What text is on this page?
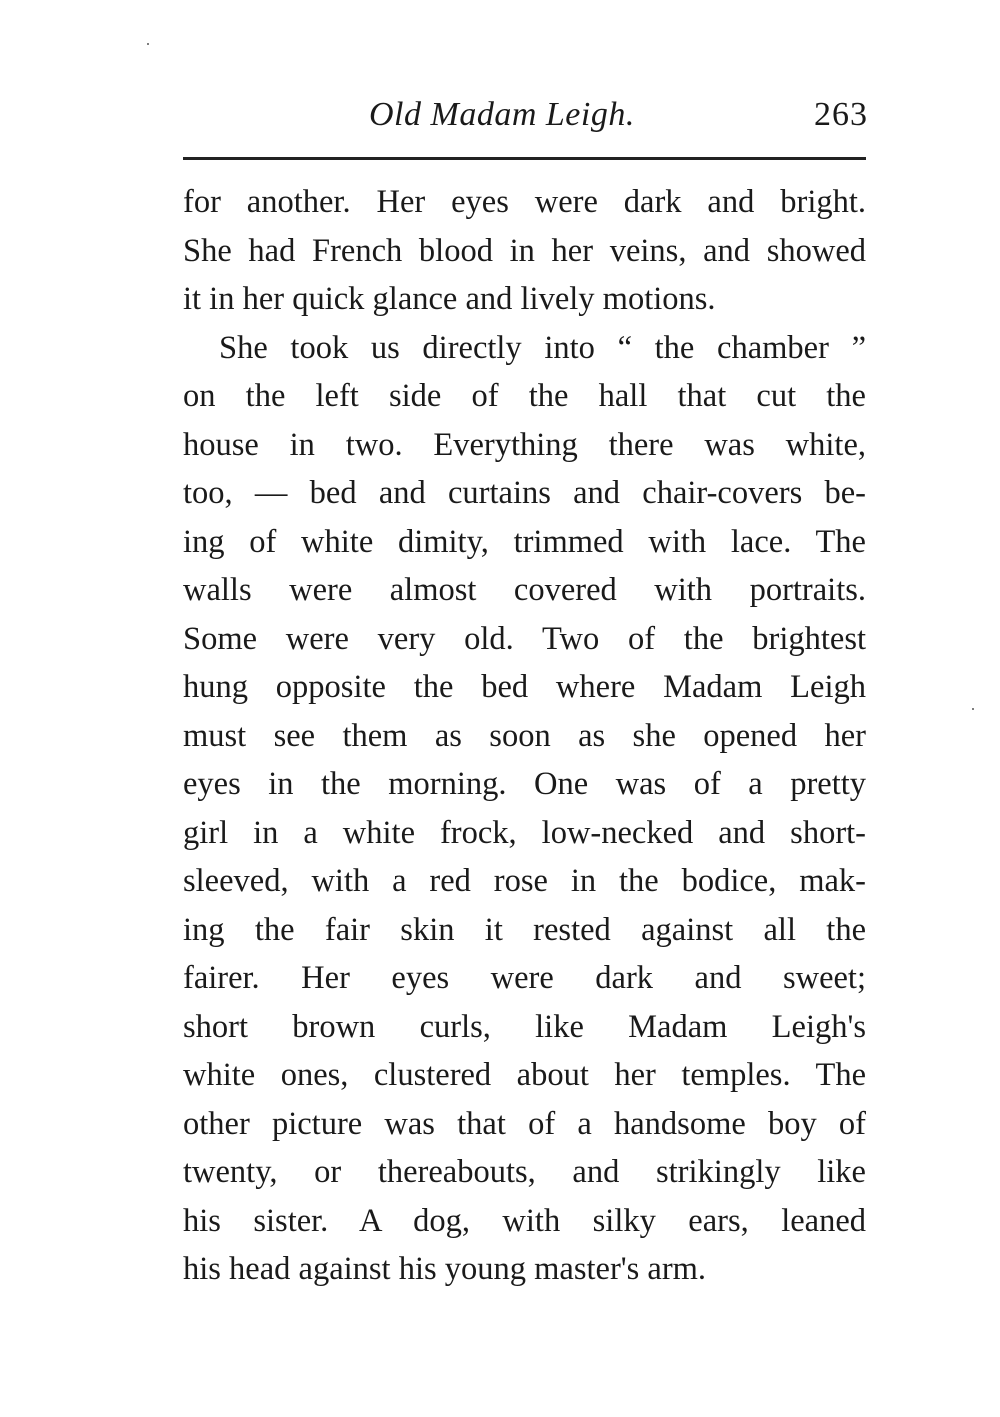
Old Madam Leigh.	263
for another. Her eyes were dark and bright.
She had French blood in her veins, and showed
it in her quick glance and lively motions.
She took us directly into “ the chamber ”
on the left side of the hall that cut the
house in two. Everything there was white,
too, — bed and curtains and chair-covers be-
ing of white dimity, trimmed with lace. The
walls were almost covered with portraits.
Some were very old. Two of the brightest
hung opposite the bed where Madam Leigh
must see them as soon as she opened her
eyes in the morning. One was of a pretty
girl in a white frock, low-necked and short-
sleeved, with a red rose in the bodice, mak-
ing the fair skin it rested against all the
fairer. Her eyes were dark and sweet;
short brown curls, like Madam Leigh's
white ones, clustered about her temples. The
other picture was that of a handsome boy of
twenty, or thereabouts, and strikingly like
his sister. A dog, with silky ears, leaned
his head against his young master's arm.
